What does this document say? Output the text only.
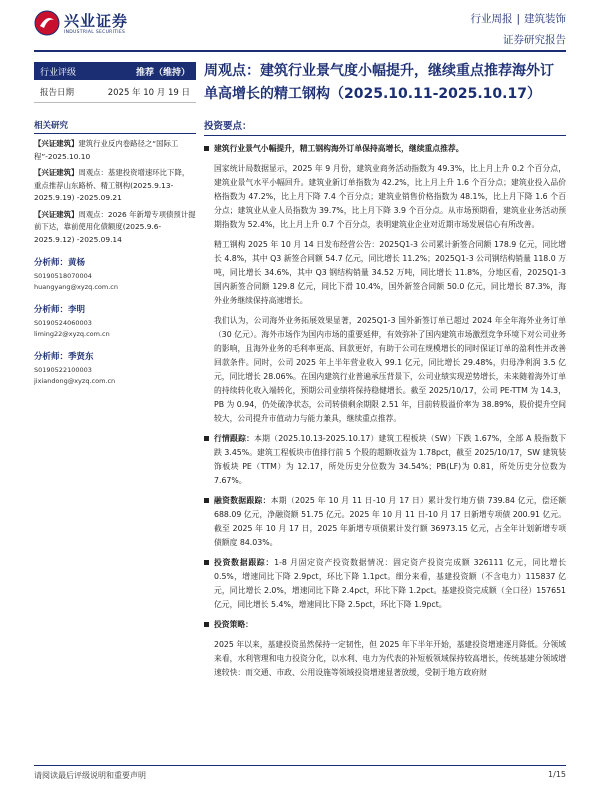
兴业证券
INDUSTRIAL SECURITIES
行业周报 | 建筑装饰
证券研究报告
行业评级	推荐（维持）
报告日期	2025 年 10 月 19 日
相关研究
【兴证建筑】建筑行业反内卷路径之“国际工程”-2025.10.10
【兴证建筑】周观点：基建投资增速环比下降，重点推荐山东路桥、精工钢构(2025.9.13-2025.9.19) -2025.09.21
【兴证建筑】周观点：2026 年新增专项债预计提前下达，靠前使用化债额度(2025.9.6-2025.9.12) -2025.09.14
分析师：黄杨
S0190518070004
huangyang@xyzq.com.cn
分析师：李明
S0190524060003
liming22@xyzq.com.cn
分析师：季贤东
S0190522100003
jixiandong@xyzq.com.cn
周观点：建筑行业景气度小幅提升，继续重点推荐海外订单高增长的精工钢构（2025.10.11-2025.10.17）
投资要点：
建筑行业景气小幅提升，精工钢构海外订单保持高增长，继续重点推荐。
国家统计局数据显示，2025 年 9 月份，建筑业商务活动指数为 49.3%，比上月上升 0.2 个百分点，建筑业景气水平小幅回升。建筑业新订单指数为 42.2%，比上月上升 1.6 个百分点；建筑业投入品价格指数为 47.2%，比上月下降 7.4 个百分点；建筑业销售价格指数为 48.1%，比上月下降 1.6 个百分点；建筑业从业人员指数为 39.7%，比上月下降 3.9 个百分点。从市场预期看，建筑业业务活动预期指数为 52.4%，比上月上升 0.7 个百分点，表明建筑业企业对近期市场发展信心有所改善。
精工钢构 2025 年 10 月 14 日发布经营公告：2025Q1-3 公司累计新签合同额 178.9 亿元，同比增长 4.8%，其中 Q3 新签合同额 54.7 亿元，同比增长 11.2%；2025Q1-3 公司钢结构销量 118.0 万吨，同比增长 34.6%，其中 Q3 钢结构销量 34.52 万吨，同比增长 11.8%，分地区看，2025Q1-3 国内新签合同额 129.8 亿元，同比下滑 10.4%，国外新签合同额 50.0 亿元，同比增长 87.3%，海外业务继续保持高速增长。
我们认为，公司海外业务拓展效果显著，2025Q1-3 国外新签订单已超过 2024 年全年海外业务订单（30 亿元）。海外市场作为国内市场的重要延伸，有效弥补了国内建筑市场激烈竞争环境下对公司业务的影响，且海外业务的毛利率更高、回款更好，有助于公司在规模增长的同时保证订单的盈利性并改善回款条件。同时，公司 2025 年上半年营业收入 99.1 亿元，同比增长 29.48%，归母净利润 3.5 亿元，同比增长 28.06%。在国内建筑行业普遍承压背景下，公司业绩实现逆势增长，未来随着海外订单的持续转化收入端转化，预期公司业绩将保持稳健增长。截至 2025/10/17，公司 PE-TTM 为 14.3，PB 为 0.94，仍处破净状态，公司转债剩余期限 2.51 年，目前转股溢价率为 38.89%，股价提升空间较大，公司提升市值动力与能力兼具，继续重点推荐。
行情跟踪：本期（2025.10.13-2025.10.17）建筑工程板块（SW）下跌 1.67%，全部 A 股指数下跌 3.45%。建筑工程板块市值排行前 5 个股的超额收益为 1.78pct，截至 2025/10/17，SW 建筑装饰板块 PE（TTM）为 12.17，所处历史分位数为 34.54%；PB(LF)为 0.81，所处历史分位数为 7.67%。
融资数据跟踪：本期（2025 年 10 月 11 日-10 月 17 日）累计发行地方债 739.84 亿元，偿还额 688.09 亿元，净融资额 51.75 亿元。2025 年 10 月 11 日-10 月 17 日新增专项债 200.91 亿元。截至 2025 年 10 月 17 日，2025 年新增专项债累计发行额 36973.15 亿元，占全年计划新增专项债额度 84.03%。
投资数据跟踪：1-8 月固定资产投资数据情况：固定资产投资完成额 326111 亿元，同比增长 0.5%，增速同比下降 2.9pct，环比下降 1.1pct。细分来看，基建投资额（不含电力）115837 亿元，同比增长 2.0%，增速同比下降 2.4pct，环比下降 1.2pct。基建投资完成额（全口径）157651 亿元，同比增长 5.4%，增速同比下降 2.5pct，环比下降 1.9pct。
投资策略：
2025 年以来，基建投资虽然保持一定韧性，但 2025 年下半年开始，基建投资增速逐月降低。分领域来看，水利管理和电力投资分化，以水利、电力为代表的补短板领域保持较高增长，传统基建分领域增速较快：而交通、市政、公用设施等领域投资增速显著放缓，受制于地方政府财
请阅读最后评级说明和重要声明	1/15
